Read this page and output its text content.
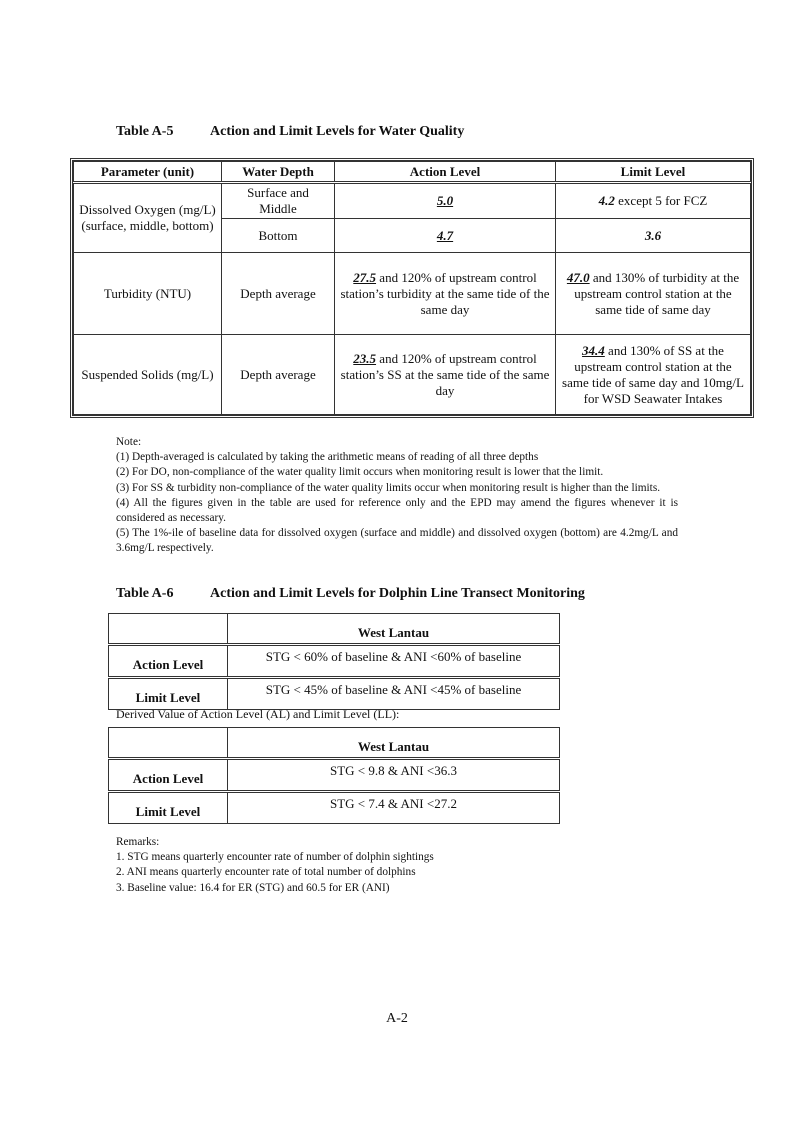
Table A-5	Action and Limit Levels for Water Quality
Parameter (unit)	Water Depth	Action Level	Limit Level
Dissolved Oxygen (mg/L) (surface, middle, bottom)	Surface and Middle	5.0	4.2 except 5 for FCZ
	Bottom	4.7	3.6
Turbidity (NTU)	Depth average	27.5 and 120% of upstream control station’s turbidity at the same tide of the same day	47.0 and 130% of turbidity at the upstream control station at the same tide of same day
Suspended Solids (mg/L)	Depth average	23.5 and 120% of upstream control station’s SS at the same tide of the same day	34.4 and 130% of SS at the upstream control station at the same tide of same day and 10mg/L for WSD Seawater Intakes

Note:

(1) Depth-averaged is calculated by taking the arithmetic means of reading of all three depths

(2) For DO, non-compliance of the water quality limit occurs when monitoring result is lower that the limit.

(3) For SS & turbidity non-compliance of the water quality limits occur when monitoring result is higher than the limits.

(4) All the figures given in the table are used for reference only and the EPD may amend the figures whenever it is considered as necessary.

(5) The 1%-ile of baseline data for dissolved oxygen (surface and middle) and dissolved oxygen (bottom) are 4.2mg/L and 3.6mg/L respectively.

Table A-6	Action and Limit Levels for Dolphin Line Transect Monitoring
	West Lantau
Action Level	STG < 60% of baseline & ANI <60% of baseline
Limit Level	STG < 45% of baseline & ANI <45% of baseline
Derived Value of Action Level (AL) and Limit Level (LL):
	West Lantau
Action Level	STG < 9.8 & ANI <36.3
Limit Level	STG < 7.4 & ANI <27.2

Remarks:

1. STG means quarterly encounter rate of number of dolphin sightings

2. ANI means quarterly encounter rate of total number of dolphins

3. Baseline value: 16.4 for ER (STG) and 60.5 for ER (ANI)

A-2
